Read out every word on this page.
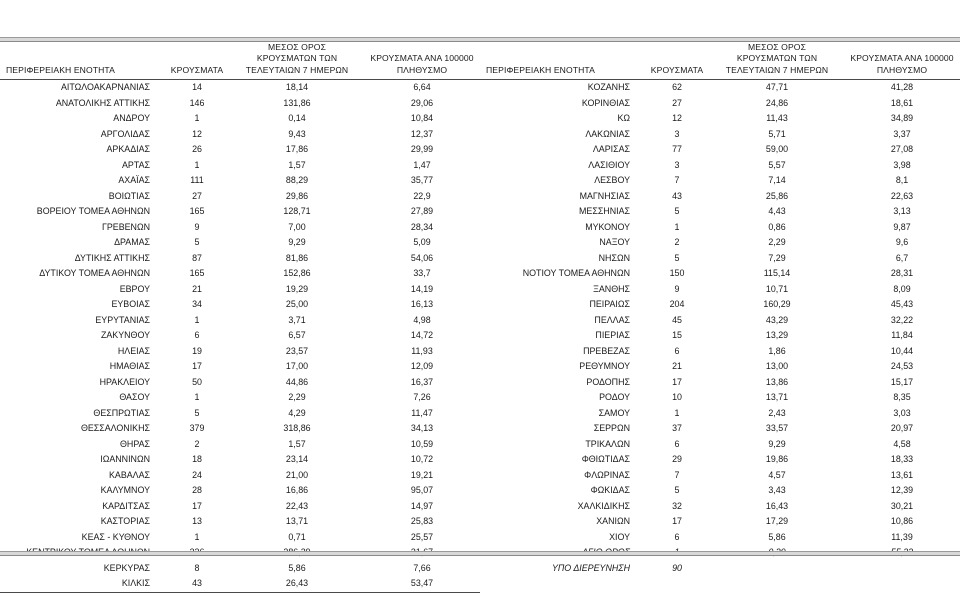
ΠΕΡΙΦΕΡΕΙΑΚΗ ΕΝΟΤΗΤΑ	ΚΡΟΥΣΜΑΤΑ	ΜΕΣΟΣ ΟΡΟΣ
ΚΡΟΥΣΜΑΤΩΝ ΤΩΝ
ΤΕΛΕΥΤΑΙΩΝ 7 ΗΜΕΡΩΝ	ΚΡΟΥΣΜΑΤΑ ΑΝΑ 100000
ΠΛΗΘΥΣΜΟ
ΑΙΤΩΛΟΑΚΑΡΝΑΝΙΑΣ	14	18,14	6,64
ΑΝΑΤΟΛΙΚΗΣ ΑΤΤΙΚΗΣ	146	131,86	29,06
ΑΝΔΡΟΥ	1	0,14	10,84
ΑΡΓΟΛΙΔΑΣ	12	9,43	12,37
ΑΡΚΑΔΙΑΣ	26	17,86	29,99
ΑΡΤΑΣ	1	1,57	1,47
ΑΧΑΪΑΣ	111	88,29	35,77
ΒΟΙΩΤΙΑΣ	27	29,86	22,9
ΒΟΡΕΙΟΥ ΤΟΜΕΑ ΑΘΗΝΩΝ	165	128,71	27,89
ΓΡΕΒΕΝΩΝ	9	7,00	28,34
ΔΡΑΜΑΣ	5	9,29	5,09
ΔΥΤΙΚΗΣ ΑΤΤΙΚΗΣ	87	81,86	54,06
ΔΥΤΙΚΟΥ ΤΟΜΕΑ ΑΘΗΝΩΝ	165	152,86	33,7
ΕΒΡΟΥ	21	19,29	14,19
ΕΥΒΟΙΑΣ	34	25,00	16,13
ΕΥΡΥΤΑΝΙΑΣ	1	3,71	4,98
ΖΑΚΥΝΘΟΥ	6	6,57	14,72
ΗΛΕΙΑΣ	19	23,57	11,93
ΗΜΑΘΙΑΣ	17	17,00	12,09
ΗΡΑΚΛΕΙΟΥ	50	44,86	16,37
ΘΑΣΟΥ	1	2,29	7,26
ΘΕΣΠΡΩΤΙΑΣ	5	4,29	11,47
ΘΕΣΣΑΛΟΝΙΚΗΣ	379	318,86	34,13
ΘΗΡΑΣ	2	1,57	10,59
ΙΩΑΝΝΙΝΩΝ	18	23,14	10,72
ΚΑΒΑΛΑΣ	24	21,00	19,21
ΚΑΛΥΜΝΟΥ	28	16,86	95,07
ΚΑΡΔΙΤΣΑΣ	17	22,43	14,97
ΚΑΣΤΟΡΙΑΣ	13	13,71	25,83
ΚΕΑΣ - ΚΥΘΝΟΥ	1	0,71	25,57

ΚΕΡΚΥΡΑΣ	8	5,86	7,66
ΚΙΛΚΙΣ	43	26,43	53,47
ΠΕΡΙΦΕΡΕΙΑΚΗ ΕΝΟΤΗΤΑ	ΚΡΟΥΣΜΑΤΑ	ΜΕΣΟΣ ΟΡΟΣ
ΚΡΟΥΣΜΑΤΩΝ ΤΩΝ
ΤΕΛΕΥΤΑΙΩΝ 7 ΗΜΕΡΩΝ	ΚΡΟΥΣΜΑΤΑ ΑΝΑ 100000
ΠΛΗΘΥΣΜΟ
ΚΟΖΑΝΗΣ	62	47,71	41,28
ΚΟΡΙΝΘΙΑΣ	27	24,86	18,61
ΚΩ	12	11,43	34,89
ΛΑΚΩΝΙΑΣ	3	5,71	3,37
ΛΑΡΙΣΑΣ	77	59,00	27,08
ΛΑΣΙΘΙΟΥ	3	5,57	3,98
ΛΕΣΒΟΥ	7	7,14	8,1
ΜΑΓΝΗΣΙΑΣ	43	25,86	22,63
ΜΕΣΣΗΝΙΑΣ	5	4,43	3,13
ΜΥΚΟΝΟΥ	1	0,86	9,87
ΝΑΞΟΥ	2	2,29	9,6
ΝΗΣΩΝ	5	7,29	6,7
ΝΟΤΙΟΥ ΤΟΜΕΑ ΑΘΗΝΩΝ	150	115,14	28,31
ΞΑΝΘΗΣ	9	10,71	8,09
ΠΕΙΡΑΙΩΣ	204	160,29	45,43
ΠΕΛΛΑΣ	45	43,29	32,22
ΠΙΕΡΙΑΣ	15	13,29	11,84
ΠΡΕΒΕΖΑΣ	6	1,86	10,44
ΡΕΘΥΜΝΟΥ	21	13,00	24,53
ΡΟΔΟΠΗΣ	17	13,86	15,17
ΡΟΔΟΥ	10	13,71	8,35
ΣΑΜΟΥ	1	2,43	3,03
ΣΕΡΡΩΝ	37	33,57	20,97
ΤΡΙΚΑΛΩΝ	6	9,29	4,58
ΦΘΙΩΤΙΔΑΣ	29	19,86	18,33
ΦΛΩΡΙΝΑΣ	7	4,57	13,61
ΦΩΚΙΔΑΣ	5	3,43	12,39
ΧΑΛΚΙΔΙΚΗΣ	32	16,43	30,21
ΧΑΝΙΩΝ	17	17,29	10,86
ΧΙΟΥ	6	5,86	11,39

ΥΠΟ ΔΙΕΡΕΥΝΗΣΗ	90		
